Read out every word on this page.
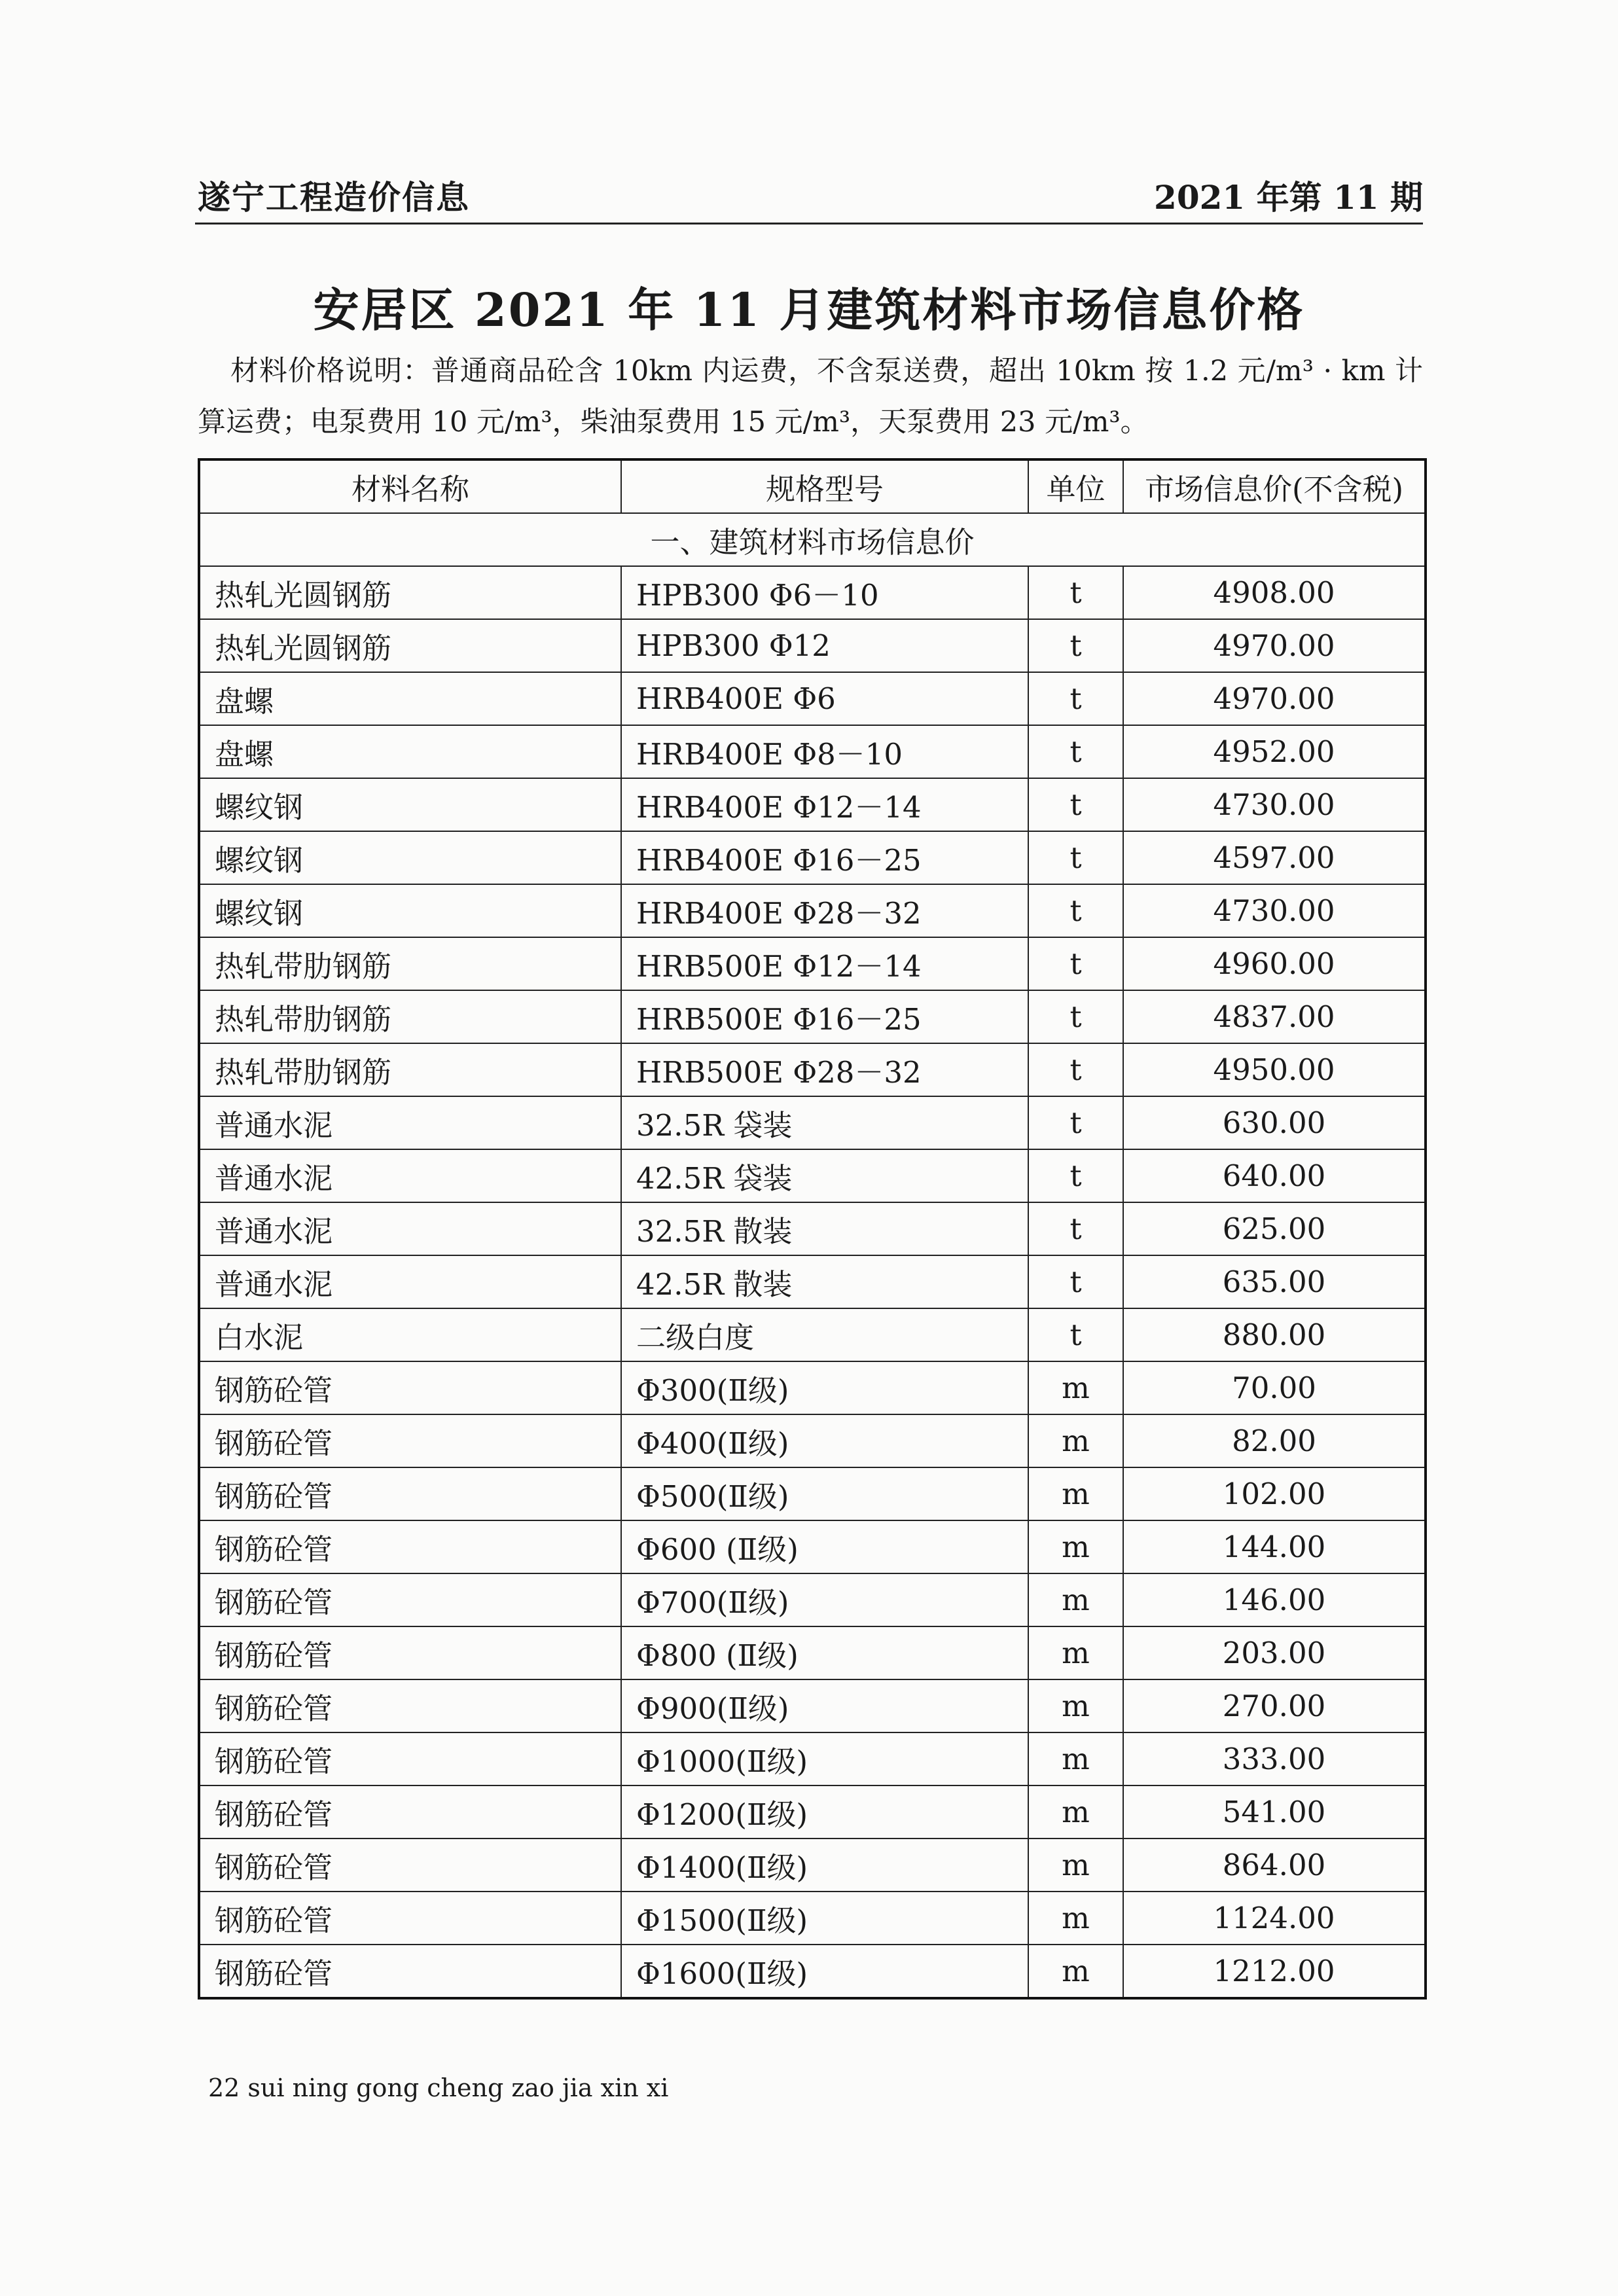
遂宁工程造价信息	2021 年第 11 期
安居区 2021 年 11 月建筑材料市场信息价格
材料价格说明：普通商品砼含 10km 内运费，不含泵送费，超出 10km 按 1.2 元/m³ · km 计算运费；电泵费用 10 元/m³，柴油泵费用 15 元/m³，天泵费用 23 元/m³。
材料名称	规格型号	单位	市场信息价(不含税)
一、建筑材料市场信息价			
热轧光圆钢筋	HPB300 Φ6－10	t	4908.00
热轧光圆钢筋	HPB300 Φ12	t	4970.00
盘螺	HRB400E Φ6	t	4970.00
盘螺	HRB400E Φ8－10	t	4952.00
螺纹钢	HRB400E Φ12－14	t	4730.00
螺纹钢	HRB400E Φ16－25	t	4597.00
螺纹钢	HRB400E Φ28－32	t	4730.00
热轧带肋钢筋	HRB500E Φ12－14	t	4960.00
热轧带肋钢筋	HRB500E Φ16－25	t	4837.00
热轧带肋钢筋	HRB500E Φ28－32	t	4950.00
普通水泥	32.5R 袋装	t	630.00
普通水泥	42.5R 袋装	t	640.00
普通水泥	32.5R 散装	t	625.00
普通水泥	42.5R 散装	t	635.00
白水泥	二级白度	t	880.00
钢筋砼管	Φ300(Ⅱ级)	m	70.00
钢筋砼管	Φ400(Ⅱ级)	m	82.00
钢筋砼管	Φ500(Ⅱ级)	m	102.00
钢筋砼管	Φ600 (Ⅱ级)	m	144.00
钢筋砼管	Φ700(Ⅱ级)	m	146.00
钢筋砼管	Φ800 (Ⅱ级)	m	203.00
钢筋砼管	Φ900(Ⅱ级)	m	270.00
钢筋砼管	Φ1000(Ⅱ级)	m	333.00
钢筋砼管	Φ1200(Ⅱ级)	m	541.00
钢筋砼管	Φ1400(Ⅱ级)	m	864.00
钢筋砼管	Φ1500(Ⅱ级)	m	1124.00
钢筋砼管	Φ1600(Ⅱ级)	m	1212.00
22 sui ning gong cheng zao jia xin xi
